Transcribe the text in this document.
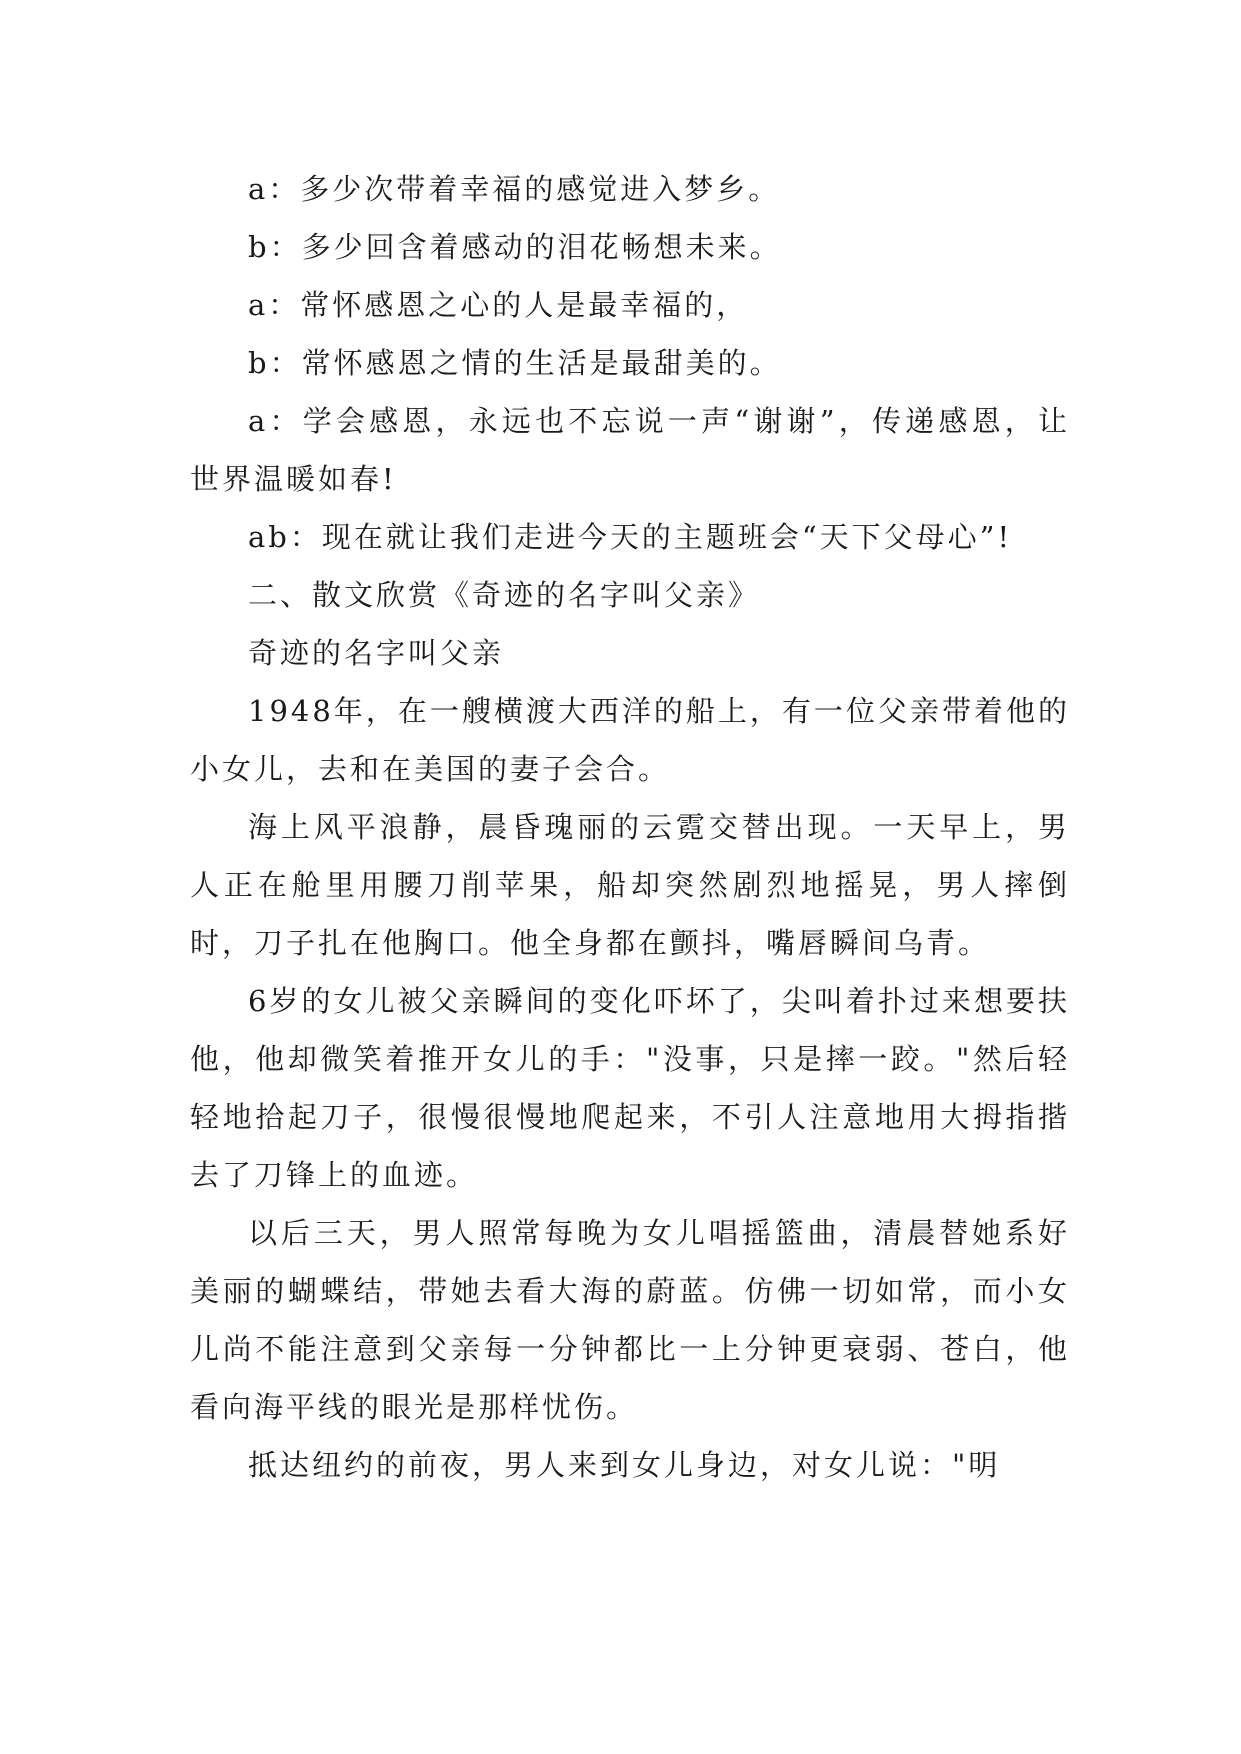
a：多少次带着幸福的感觉进入梦乡。

b：多少回含着感动的泪花畅想未来。

a：常怀感恩之心的人是最幸福的，

b：常怀感恩之情的生活是最甜美的。

a：学会感恩，永远也不忘说一声“谢谢”，传递感恩，让世界温暖如春!

ab：现在就让我们走进今天的主题班会“天下父母心”!

二、散文欣赏《奇迹的名字叫父亲》

奇迹的名字叫父亲

1948年，在一艘横渡大西洋的船上，有一位父亲带着他的小女儿，去和在美国的妻子会合。

海上风平浪静，晨昏瑰丽的云霓交替出现。一天早上，男人正在舱里用腰刀削苹果，船却突然剧烈地摇晃，男人摔倒时，刀子扎在他胸口。他全身都在颤抖，嘴唇瞬间乌青。

6岁的女儿被父亲瞬间的变化吓坏了，尖叫着扑过来想要扶他，他却微笑着推开女儿的手："没事，只是摔一跤。"然后轻轻地拾起刀子，很慢很慢地爬起来，不引人注意地用大拇指揩去了刀锋上的血迹。

以后三天，男人照常每晚为女儿唱摇篮曲，清晨替她系好美丽的蝴蝶结，带她去看大海的蔚蓝。仿佛一切如常，而小女儿尚不能注意到父亲每一分钟都比一上分钟更衰弱、苍白，他看向海平线的眼光是那样忧伤。

抵达纽约的前夜，男人来到女儿身边，对女儿说："明
